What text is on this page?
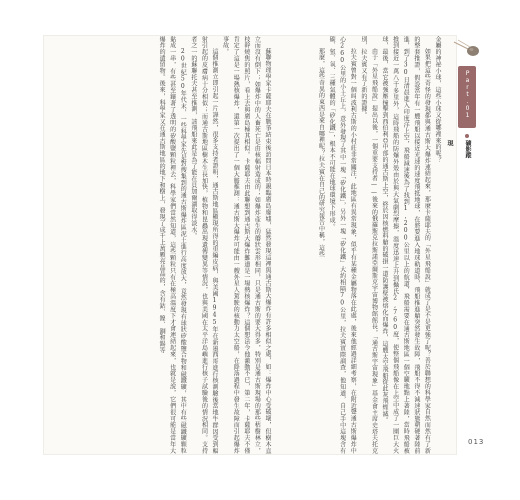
蘇聯物理學家卡薩耶夫在戰爭結束後訪問日本時親臨廣島廢墟，猛然發現這裡與通古斯大爆炸有許多相似之處，如：爆炸中心受破壞，但樹木直立而沒有倒下；如爆炸中的人畜死亡是由核輻射造成的；如爆炸產生的蘑狀雲形相同，只是通古斯的要大得多，特別是通古斯現場的那些枯樹林立，枝幹燒焦的照片，看上去與廣島極其相似。卡薩耶夫由此聯想到通古斯大爆炸難道是一場熱核爆炸？這個想法令他激動不已，第二年，卡薩耶夫不僅肯定了這是一場熱核爆炸，還第一次提出了一個大膽推測：通古斯大爆炸可能由一艘外星人駕駛的核動力太空船，在降落過程中發生故障而引起爆炸事故。

這個推測立即引起一片譁然，很多支持者證明，通古斯地區顯現所得的重編皮病，與美國1945年在新墨西哥進行核測驗後當地牛群因受到輻射引起的皮膚病十分相似；而通古斯地區樹木生長加快，植物和昆蟲出現遺傳變異等情況，也與美國在太平洋島嶼進行核子試驗後的情況相同。支持者之一的蘇聯托夫甚至推測，該飛船來此是為了能在貝加爾湖取得淡水。

20世紀50年代末，一些科學家先是對搜集到的通古斯爆炸區泥土進行高度放大，竟然發現有球狀矽酸鹽合物和磁鐵礦，其中有些磁鐵礦顆粒黏成一串，有些甚至鑲著了透明的矽酸鹽顆粒裡去，科學家們當然知道，這些顆粒只有在極高溫度下才會連結起來，也就是說，它們很可能是當年大爆炸的遺留物。後來，科學家又在通古斯地區的地下和樹上，發現了成千上萬顆亮晶晶的，含有鈷、鎳、銅和錫等	金屬的神祕小球，這些小球又從哪裡來的呢？

如果把這些奇怪的發現都與通古斯大爆炸連結起來，那麼卡薩耶夫的「外星飛船說」就成了是不是更強了呢？善於聯想的科學家自然而然有了新的整套推證，假設當年有一艘飛船以接近光速的速度飛抵地球，在將要進入地球軌道時，飛船推進艙突然發生故障，飛船不得不減速狀態朝硬著陸前進，到了30日清晨進入印度洋上空，飛船減速後為了找到1,200公里以上的航道，飛船需要在通古斯地區一個空曠地點上著陸，當時飛船被推到接近一萬八千多里外，這時飛船的防爆外殼由於與大氣劇烈摩擦，溫度迅速上升到攝氏2,760度，使整個飛船像在上空中成了一團巨大火球，最後，當它被強壓撞擊到西伯利亞中部的通古斯上空，終於因核燃料艙的破損一道防護壁被熔化而爆炸，這艘太空飛船從此灰飛煙滅。

由于「外星飛船說」提出以後，一個重要支持者——後來的俄羅斯克拉斯諾亞爾斯克宇宙博物館館長，「通古斯宇宙現象」基金會主席史塔夫托克別，拉夫賓又有了新的證據。

拉夫賓曾對一個叫波利古斯的小村莊非常關注，此地區有異常現象，似乎有某種金屬物落在此處，後來他經過詳細考察，在附近聲通古斯爆炸中心260公里的小土丘上，意外發現了其中一塊「矽化鐵」，另外一塊「矽化鐵」大約相隔70公里，拉夫賓實際調查，他知道，自己手中這塊含有碳、氫、氧、三種氣體的「矽化鐵」，根本不可能在地球環境下形成。

那麼，這些奇異的東西是來自哪裡呢？拉夫賓在自己的研究報告中稱，這些	Part.01
礦影蹤現
013
